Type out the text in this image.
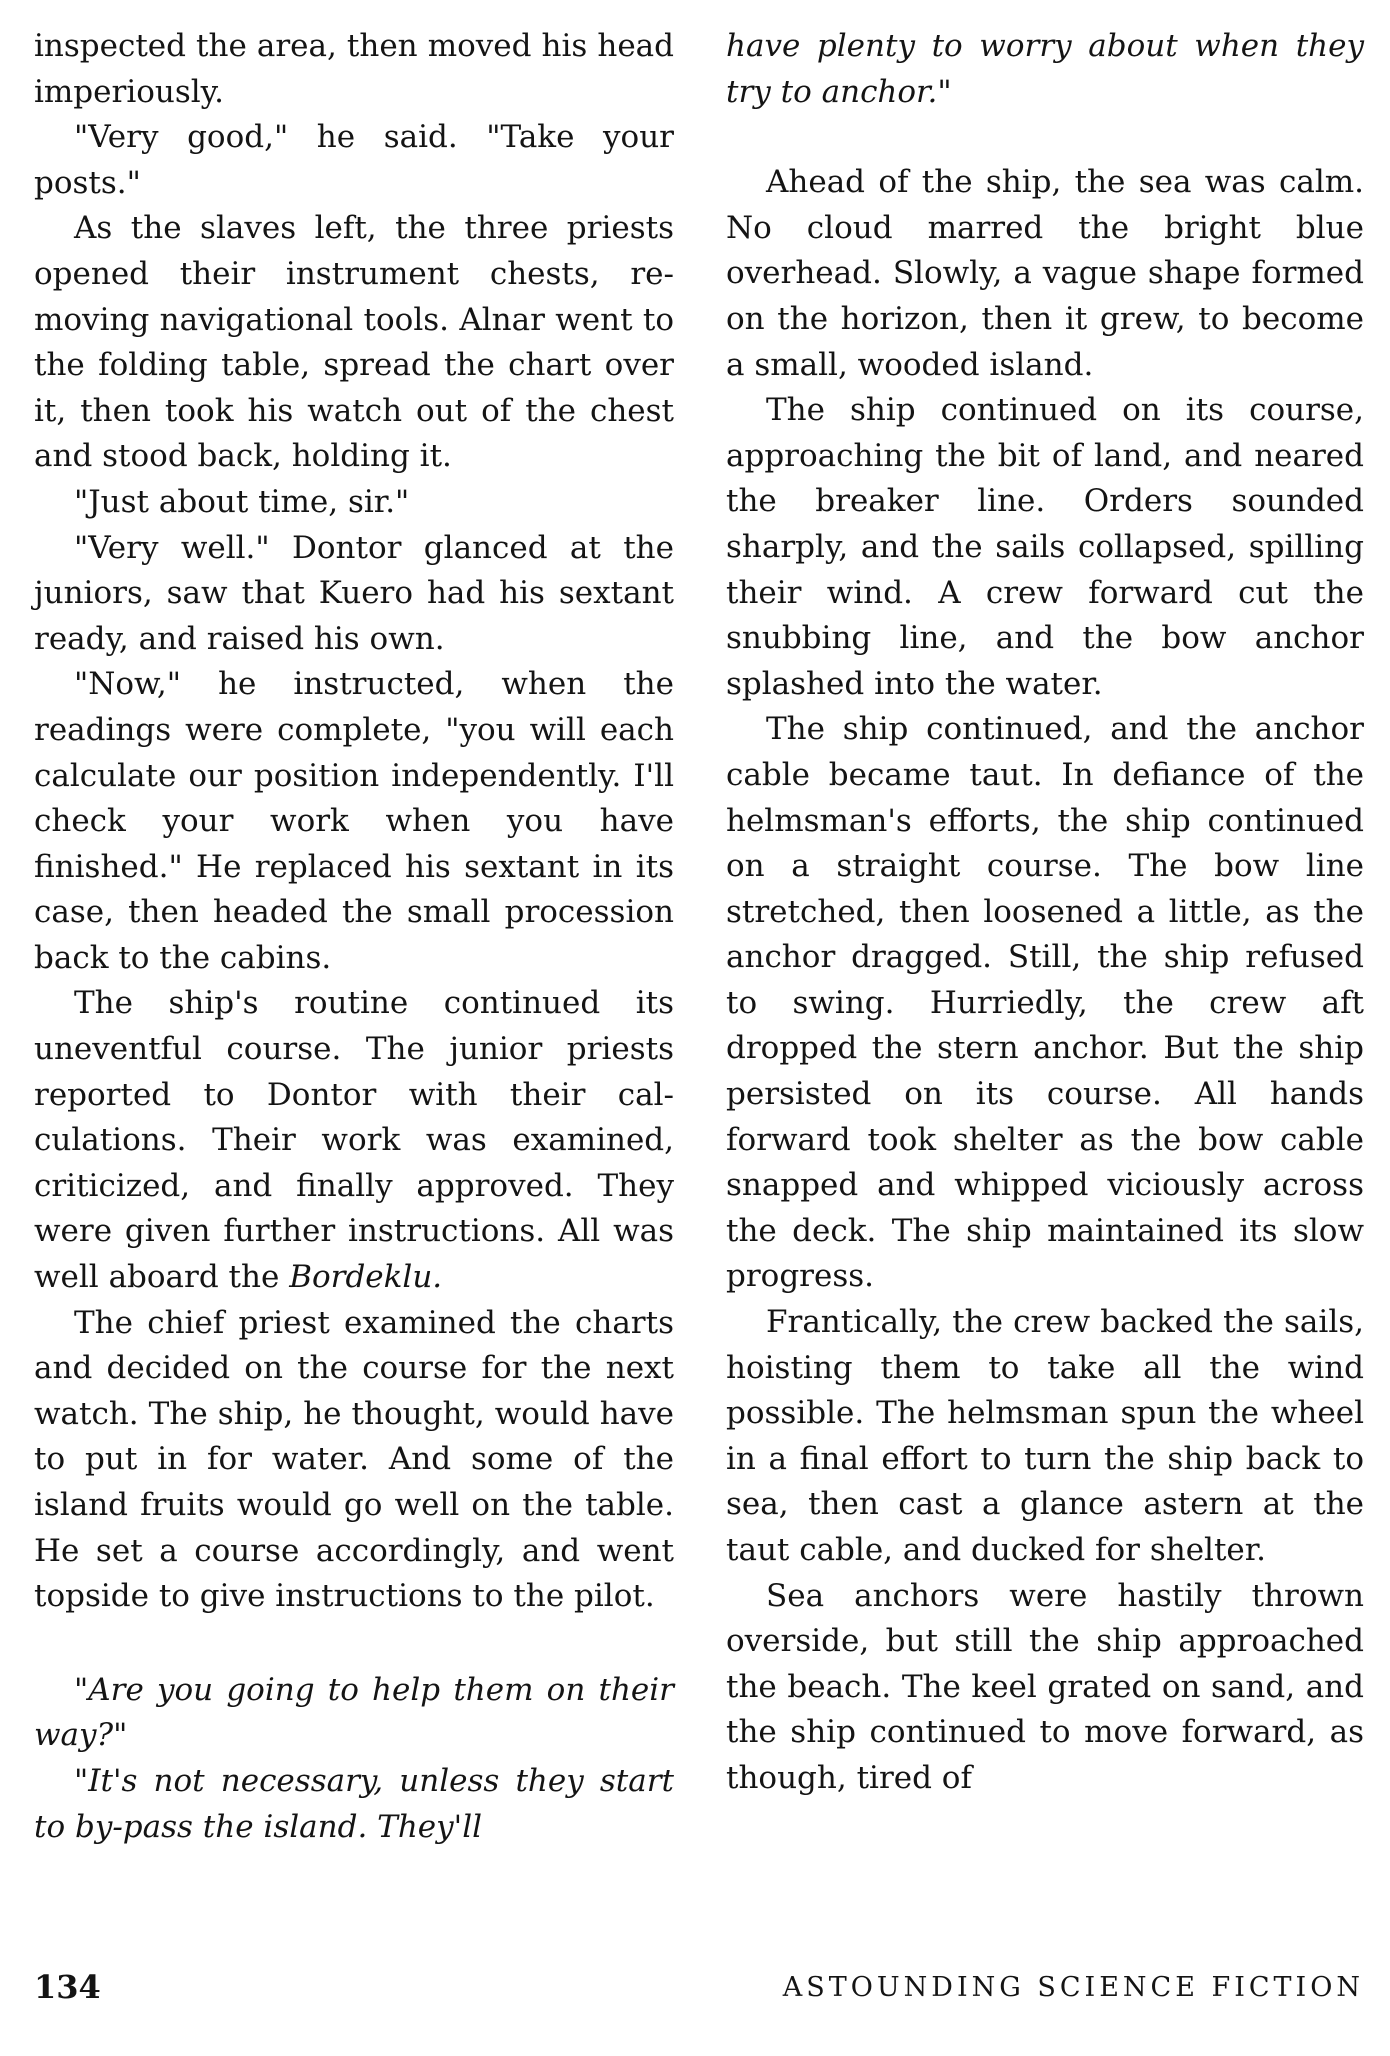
inspected the area, then moved his head imperiously.

"Very good," he said. "Take your posts."

As the slaves left, the three priests opened their instrument chests, removing navigational tools. Alnar went to the folding table, spread the chart over it, then took his watch out of the chest and stood back, holding it.

"Just about time, sir."

"Very well." Dontor glanced at the juniors, saw that Kuero had his sextant ready, and raised his own.

"Now," he instructed, when the readings were complete, "you will each calculate our position independently. I'll check your work when you have finished." He replaced his sextant in its case, then headed the small procession back to the cabins.

The ship's routine continued its uneventful course. The junior priests reported to Dontor with their calculations. Their work was examined, criticized, and finally approved. They were given further instructions. All was well aboard the Bordeklu.

The chief priest examined the charts and decided on the course for the next watch. The ship, he thought, would have to put in for water. And some of the island fruits would go well on the table. He set a course accordingly, and went topside to give instructions to the pilot.

"Are you going to help them on their way?"

"It's not necessary, unless they start to by-pass the island. They'll

have plenty to worry about when they try to anchor."

Ahead of the ship, the sea was calm. No cloud marred the bright blue overhead. Slowly, a vague shape formed on the horizon, then it grew, to become a small, wooded island.

The ship continued on its course, approaching the bit of land, and neared the breaker line. Orders sounded sharply, and the sails collapsed, spilling their wind. A crew forward cut the snubbing line, and the bow anchor splashed into the water.

The ship continued, and the anchor cable became taut. In defiance of the helmsman's efforts, the ship continued on a straight course. The bow line stretched, then loosened a little, as the anchor dragged. Still, the ship refused to swing. Hurriedly, the crew aft dropped the stern anchor. But the ship persisted on its course. All hands forward took shelter as the bow cable snapped and whipped viciously across the deck. The ship maintained its slow progress.

Frantically, the crew backed the sails, hoisting them to take all the wind possible. The helmsman spun the wheel in a final effort to turn the ship back to sea, then cast a glance astern at the taut cable, and ducked for shelter.

Sea anchors were hastily thrown overside, but still the ship approached the beach. The keel grated on sand, and the ship continued to move forward, as though, tired of

134	ASTOUNDING SCIENCE FICTION
